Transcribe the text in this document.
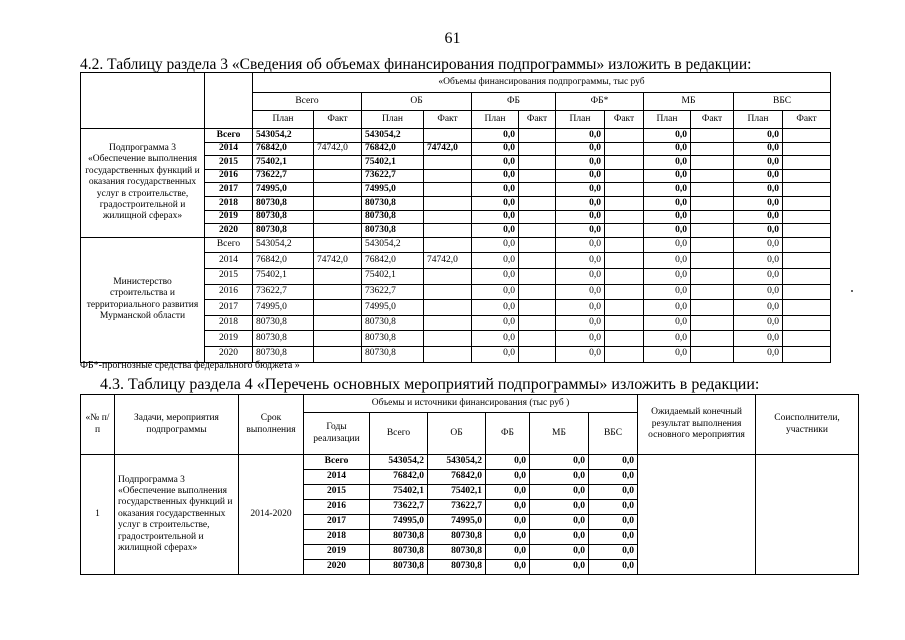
61
4.2. Таблицу раздела 3 «Сведения об объемах финансирования подпрограммы» изложить в редакции:
		«Объемы финансирования подпрограммы, тыс руб											
		Всего		ОБ		ФБ		ФБ*		МБ		ВБС	
		План	Факт	План	Факт	План	Факт	План	Факт	План	Факт	План	Факт
Подпрограмма 3 «Обеспечение выполнения государственных функций и оказания государственных услуг в строительстве, градостроительной и жилищной сферах»	Всего	543054,2		543054,2		0,0		0,0		0,0		0,0	
	2014	76842,0	74742,0	76842,0	74742,0	0,0		0,0		0,0		0,0	
	2015	75402,1		75402,1		0,0		0,0		0,0		0,0	
	2016	73622,7		73622,7		0,0		0,0		0,0		0,0	
	2017	74995,0		74995,0		0,0		0,0		0,0		0,0	
	2018	80730,8		80730,8		0,0		0,0		0,0		0,0	
	2019	80730,8		80730,8		0,0		0,0		0,0		0,0	
	2020	80730,8		80730,8		0,0		0,0		0,0		0,0	
Министерство строительства и территориального развития Мурманской области	Всего	543054,2		543054,2		0,0		0,0		0,0		0,0	
	2014	76842,0	74742,0	76842,0	74742,0	0,0		0,0		0,0		0,0	
	2015	75402,1		75402,1		0,0		0,0		0,0		0,0	
	2016	73622,7		73622,7		0,0		0,0		0,0		0,0	
	2017	74995,0		74995,0		0,0		0,0		0,0		0,0	
	2018	80730,8		80730,8		0,0		0,0		0,0		0,0	
	2019	80730,8		80730,8		0,0		0,0		0,0		0,0	
	2020	80730,8		80730,8		0,0		0,0		0,0		0,0	
ФБ*-прогнозные средства федерального бюджета »
4.3. Таблицу раздела 4 «Перечень основных мероприятий подпрограммы» изложить в редакции:
«№ п/п	Задачи, мероприятия подпрограммы	Срок выполнения	Объемы и источники финансирования (тыс руб )						Ожидаемый конечный результат выполнения основного мероприятия	Соисполнители, участники
			Годы реализации	Всего	ОБ	ФБ	МБ	ВБС		
1	Подпрограмма 3 «Обеспечение выполнения государственных функций и оказания государственных услуг в строительстве, градостроительной и жилищной сферах»	2014-2020	Всего	543054,2	543054,2	0,0	0,0	0,0		
			2014	76842,0	76842,0	0,0	0,0	0,0		
			2015	75402,1	75402,1	0,0	0,0	0,0		
			2016	73622,7	73622,7	0,0	0,0	0,0		
			2017	74995,0	74995,0	0,0	0,0	0,0		
			2018	80730,8	80730,8	0,0	0,0	0,0		
			2019	80730,8	80730,8	0,0	0,0	0,0		
			2020	80730,8	80730,8	0,0	0,0	0,0		
